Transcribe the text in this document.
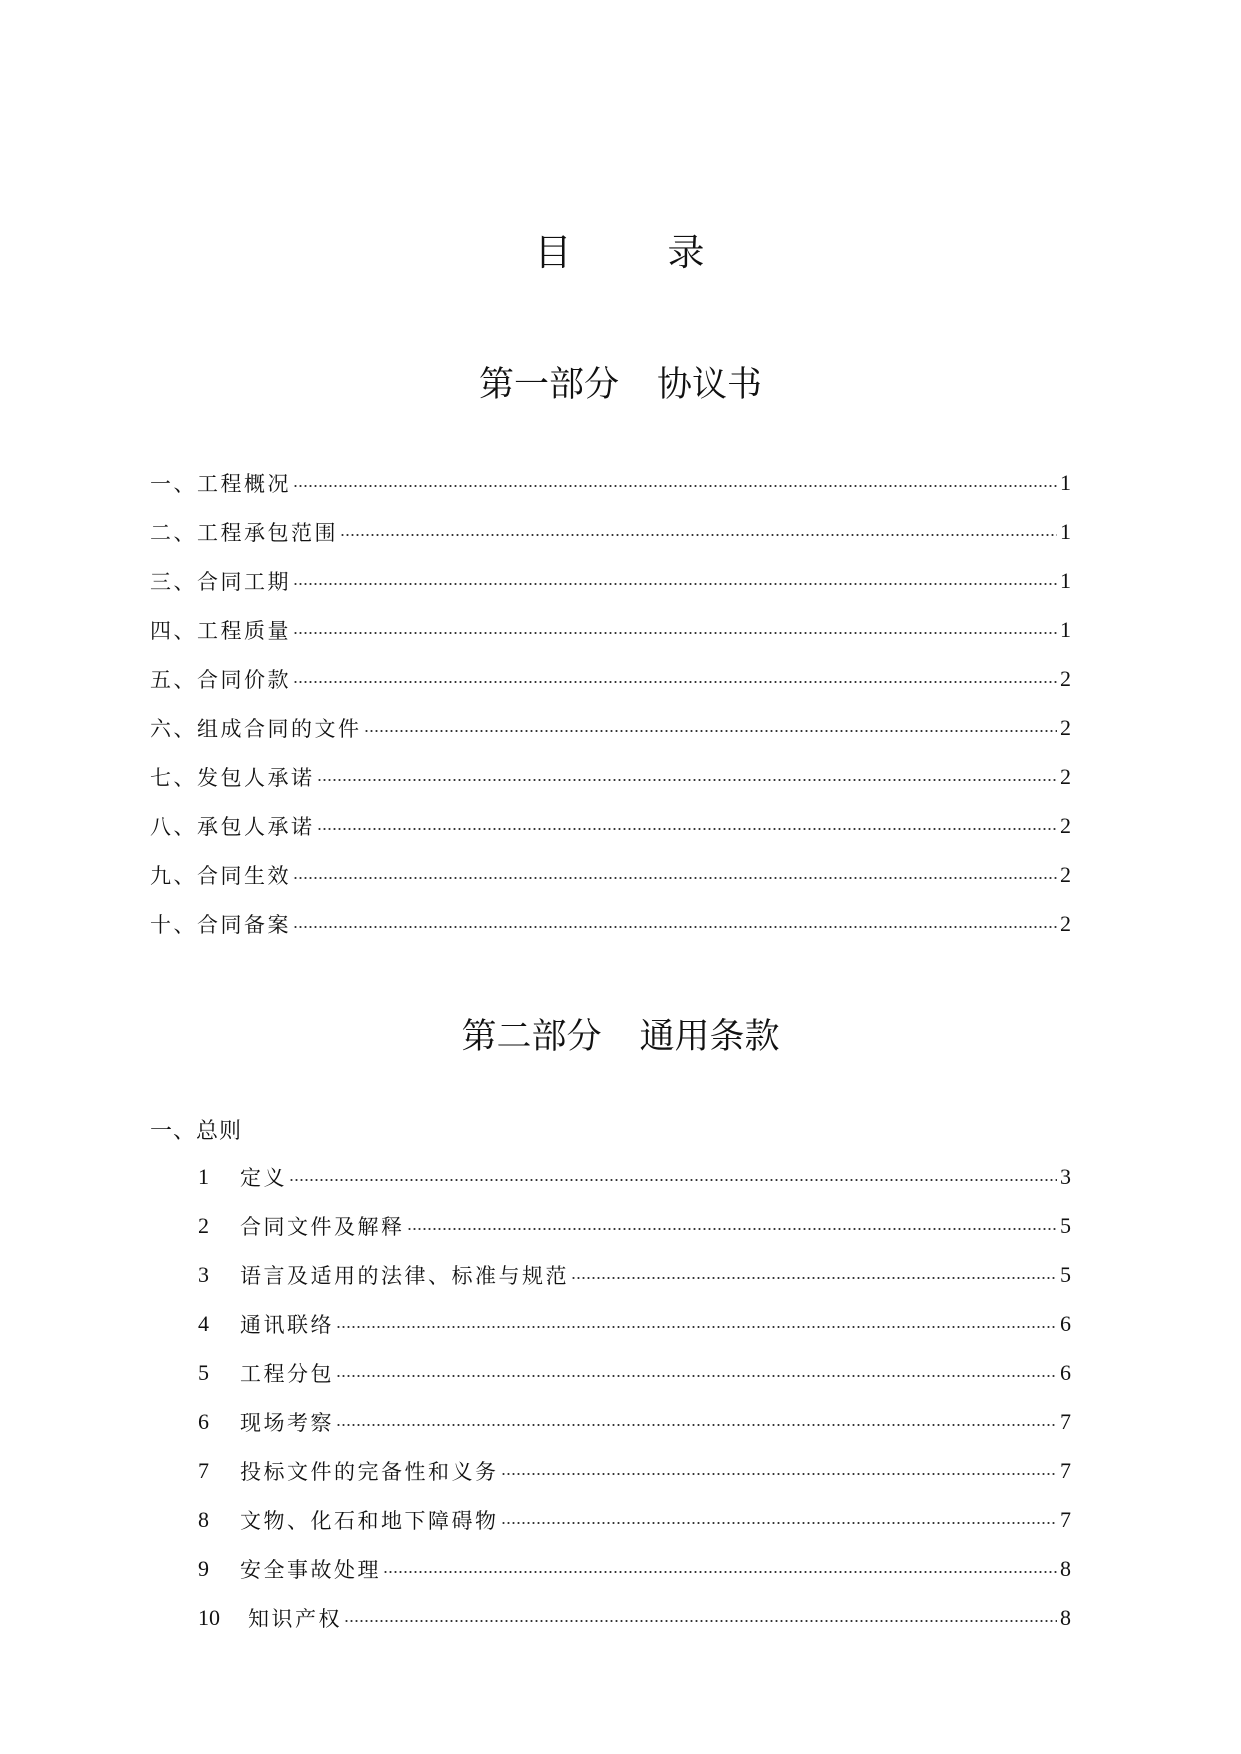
目	录
第一部分 协议书
一、工程概况	1
二、工程承包范围	1
三、合同工期	1
四、工程质量	1
五、合同价款	2
六、组成合同的文件	2
七、发包人承诺	2
八、承包人承诺	2
九、合同生效	2
十、合同备案	2
第二部分 通用条款
一、总则
1	定义	3
2	合同文件及解释	5
3	语言及适用的法律、标准与规范	5
4	通讯联络	6
5	工程分包	6
6	现场考察	7
7	投标文件的完备性和义务	7
8	文物、化石和地下障碍物	7
9	安全事故处理	8
10	知识产权	8
